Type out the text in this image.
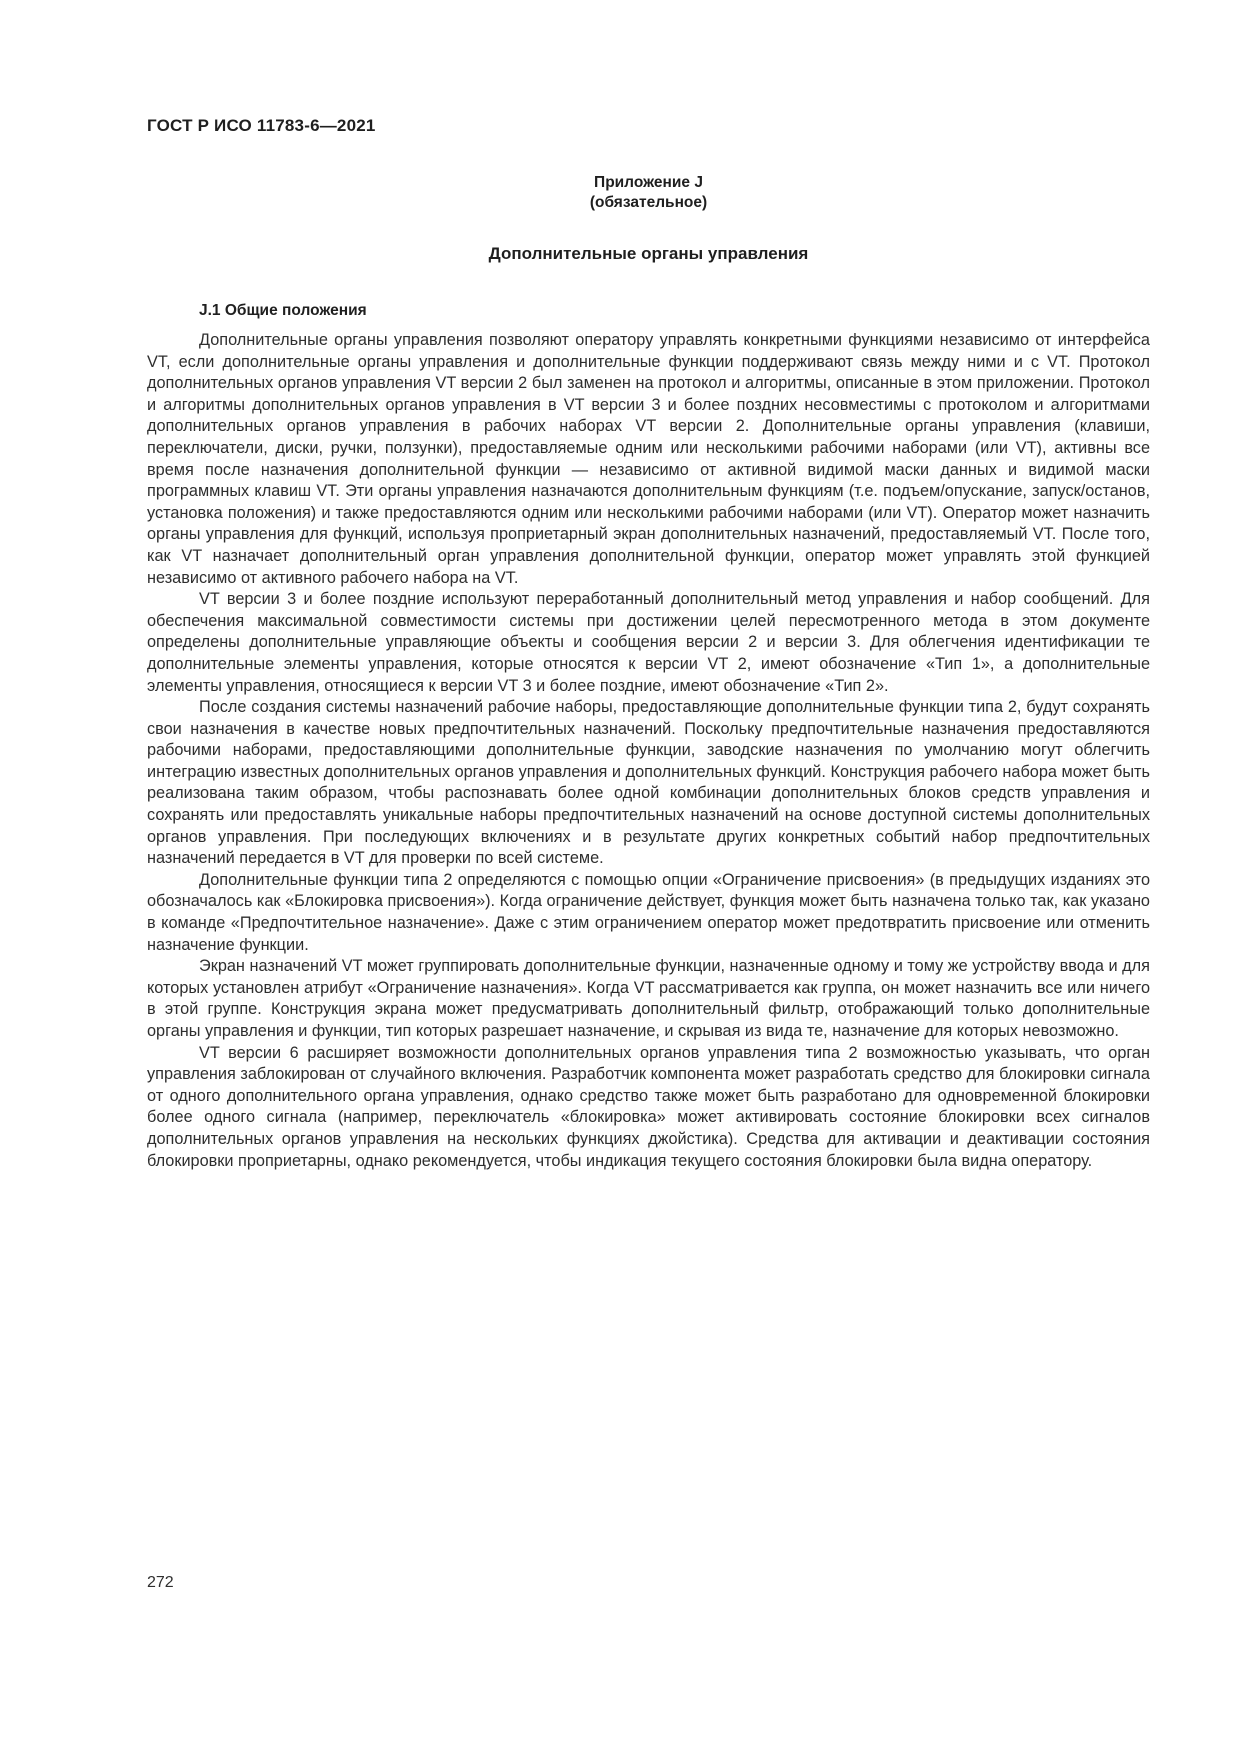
ГОСТ Р ИСО 11783-6—2021
Приложение J
(обязательное)
Дополнительные органы управления
J.1 Общие положения

Дополнительные органы управления позволяют оператору управлять конкретными функциями независимо от интерфейса VT, если дополнительные органы управления и дополнительные функции поддерживают связь между ними и с VT. Протокол дополнительных органов управления VT версии 2 был заменен на протокол и алгоритмы, описанные в этом приложении. Протокол и алгоритмы дополнительных органов управления в VT версии 3 и более поздних несовместимы с протоколом и алгоритмами дополнительных органов управления в рабочих наборах VT версии 2. Дополнительные органы управления (клавиши, переключатели, диски, ручки, ползунки), предоставляемые одним или несколькими рабочими наборами (или VT), активны все время после назначения дополнительной функции — независимо от активной видимой маски данных и видимой маски программных клавиш VT. Эти органы управления назначаются дополнительным функциям (т.е. подъем/опускание, запуск/останов, установка положения) и также предоставляются одним или несколькими рабочими наборами (или VT). Оператор может назначить органы управления для функций, используя проприетарный экран дополнительных назначений, предоставляемый VT. После того, как VT назначает дополнительный орган управления дополнительной функции, оператор может управлять этой функцией независимо от активного рабочего набора на VT.

VT версии 3 и более поздние используют переработанный дополнительный метод управления и набор сообщений. Для обеспечения максимальной совместимости системы при достижении целей пересмотренного метода в этом документе определены дополнительные управляющие объекты и сообщения версии 2 и версии 3. Для облегчения идентификации те дополнительные элементы управления, которые относятся к версии VT 2, имеют обозначение «Тип 1», а дополнительные элементы управления, относящиеся к версии VT 3 и более поздние, имеют обозначение «Тип 2».

После создания системы назначений рабочие наборы, предоставляющие дополнительные функции типа 2, будут сохранять свои назначения в качестве новых предпочтительных назначений. Поскольку предпочтительные назначения предоставляются рабочими наборами, предоставляющими дополнительные функции, заводские назначения по умолчанию могут облегчить интеграцию известных дополнительных органов управления и дополнительных функций. Конструкция рабочего набора может быть реализована таким образом, чтобы распознавать более одной комбинации дополнительных блоков средств управления и сохранять или предоставлять уникальные наборы предпочтительных назначений на основе доступной системы дополнительных органов управления. При последующих включениях и в результате других конкретных событий набор предпочтительных назначений передается в VT для проверки по всей системе.

Дополнительные функции типа 2 определяются с помощью опции «Ограничение присвоения» (в предыдущих изданиях это обозначалось как «Блокировка присвоения»). Когда ограничение действует, функция может быть назначена только так, как указано в команде «Предпочтительное назначение». Даже с этим ограничением оператор может предотвратить присвоение или отменить назначение функции.

Экран назначений VT может группировать дополнительные функции, назначенные одному и тому же устройству ввода и для которых установлен атрибут «Ограничение назначения». Когда VT рассматривается как группа, он может назначить все или ничего в этой группе. Конструкция экрана может предусматривать дополнительный фильтр, отображающий только дополнительные органы управления и функции, тип которых разрешает назначение, и скрывая из вида те, назначение для которых невозможно.

VT версии 6 расширяет возможности дополнительных органов управления типа 2 возможностью указывать, что орган управления заблокирован от случайного включения. Разработчик компонента может разработать средство для блокировки сигнала от одного дополнительного органа управления, однако средство также может быть разработано для одновременной блокировки более одного сигнала (например, переключатель «блокировка» может активировать состояние блокировки всех сигналов дополнительных органов управления на нескольких функциях джойстика). Средства для активации и деактивации состояния блокировки проприетарны, однако рекомендуется, чтобы индикация текущего состояния блокировки была видна оператору.

272
